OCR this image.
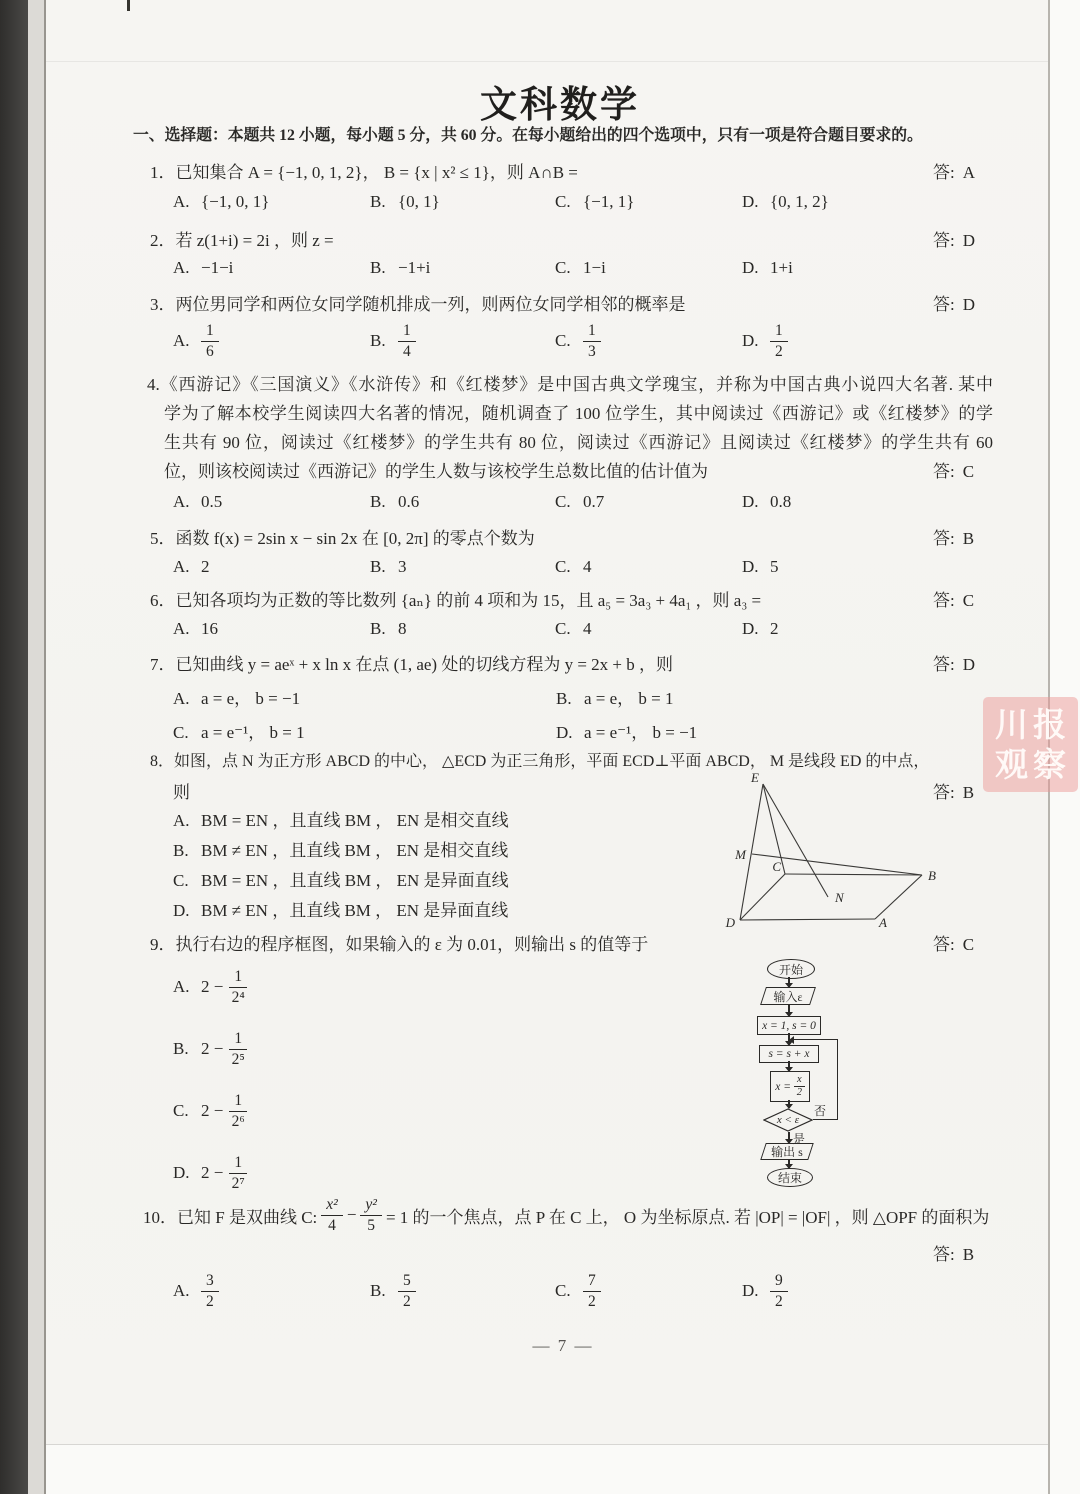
文科数学
一、选择题：本题共 12 小题，每小题 5 分，共 60 分。在每小题给出的四个选项中，只有一项是符合题目要求的。
1．已知集合 A = {−1, 0, 1, 2}， B = {x | x² ≤ 1}，则 A∩B =	答: A
A. {−1, 0, 1}	B. {0, 1}	C. {−1, 1}	D. {0, 1, 2}
2．若 z(1+i) = 2i ，则 z =	答: D
A. −1−i	B. −1+i	C. 1−i	D. 1+i
3．两位男同学和两位女同学随机排成一列，则两位女同学相邻的概率是	答: D
A. $\frac{1}{6}$	B. $\frac{1}{4}$	C. $\frac{1}{3}$	D. $\frac{1}{2}$
4.《西游记》《三国演义》《水浒传》和《红楼梦》是中国古典文学瑰宝，并称为中国古典小说四大名著. 某中
学为了解本校学生阅读四大名著的情况，随机调查了 100 位学生，其中阅读过《西游记》或《红楼梦》的学
生共有 90 位，阅读过《红楼梦》的学生共有 80 位，阅读过《西游记》且阅读过《红楼梦》的学生共有 60
位，则该校阅读过《西游记》的学生人数与该校学生总数比值的估计值为	答: C
A. 0.5	B. 0.6	C. 0.7	D. 0.8
5．函数 f(x) = 2sin x − sin 2x 在 [0, 2π] 的零点个数为	答: B
A. 2	B. 3	C. 4	D. 5
6．已知各项均为正数的等比数列 {aₙ} 的前 4 项和为 15，且 a₅ = 3a₃ + 4a₁ ，则 a₃ =	答: C
A. 16	B. 8	C. 4	D. 2
7．已知曲线 y = aeˣ + x ln x 在点 (1, ae) 处的切线方程为 y = 2x + b ，则	答: D
A. a = e， b = −1	B. a = e， b = 1
C. a = e⁻¹， b = 1	D. a = e⁻¹， b = −1
8．如图，点 N 为正方形 ABCD 的中心， △ECD 为正三角形，平面 ECD⊥平面 ABCD， M 是线段 ED 的中点，
则	答: B
A. BM = EN ，且直线 BM ， EN 是相交直线
B. BM ≠ EN ，且直线 BM ， EN 是相交直线
C. BM = EN ，且直线 BM ， EN 是异面直线
D. BM ≠ EN ，且直线 BM ， EN 是异面直线
E
M
C
B
N
D	A
9．执行右边的程序框图，如果输入的 ε 为 0.01，则输出 s 的值等于	答: C
A. $2 - \frac{1}{\text{2⁴}}$
B. $2 - \frac{1}{\text{2⁵}}$
C. $2 - \frac{1}{\text{2⁶}}$
D. $2 - \frac{1}{\text{2⁷}}$
开始
输入ε
x = 1, s = 0
s = s + x
$x = \frac{x}{2}$
x < ε
否
是
输出 s
结束
10．已知 F 是双曲线 C: $\frac{\text{x²}}{4} - \frac{\text{y²}}{5} = 1$ 的一个焦点，点 P 在 C 上， O 为坐标原点. 若 |OP| = |OF| ，则 △OPF 的面积为
答: B
A. $\frac{3}{2}$	B. $\frac{5}{2}$	C. $\frac{7}{2}$	D. $\frac{9}{2}$
川报
观察
— 7 —
